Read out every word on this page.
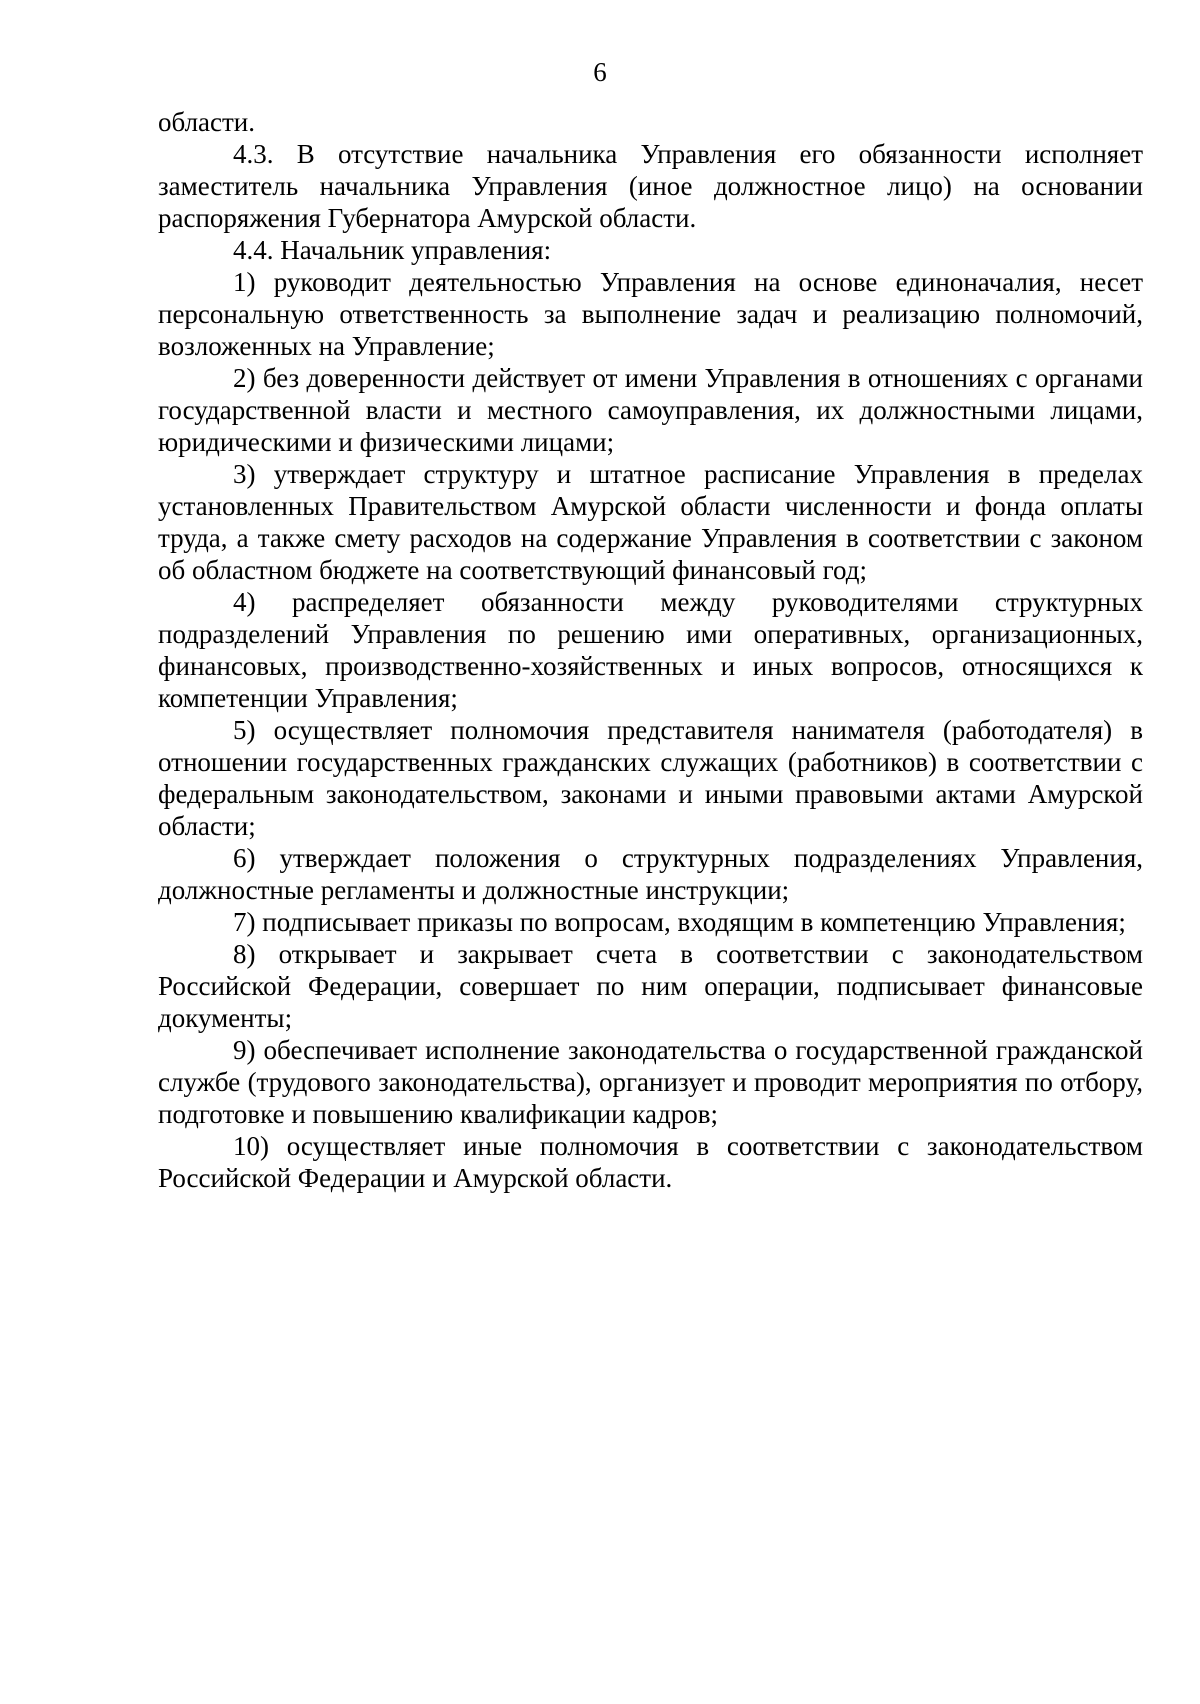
6

области.

4.3. В отсутствие начальника Управления его обязанности исполняет заместитель начальника Управления (иное должностное лицо) на основании распоряжения Губернатора Амурской области.

4.4. Начальник управления:

1) руководит деятельностью Управления на основе единоначалия, несет персональную ответственность за выполнение задач и реализацию полномочий, возложенных на Управление;

2) без доверенности действует от имени Управления в отношениях с органами государственной власти и местного самоуправления, их должностными лицами, юридическими и физическими лицами;

3) утверждает структуру и штатное расписание Управления в пределах установленных Правительством Амурской области численности и фонда оплаты труда, а также смету расходов на содержание Управления в соответствии с законом об областном бюджете на соответствующий финансовый год;

4) распределяет обязанности между руководителями структурных подразделений Управления по решению ими оперативных, организационных, финансовых, производственно-хозяйственных и иных вопросов, относящихся к компетенции Управления;

5) осуществляет полномочия представителя нанимателя (работодателя) в отношении государственных гражданских служащих (работников) в соответствии с федеральным законодательством, законами и иными правовыми актами Амурской области;

6) утверждает положения о структурных подразделениях Управления, должностные регламенты и должностные инструкции;

7) подписывает приказы по вопросам, входящим в компетенцию Управления;

8) открывает и закрывает счета в соответствии с законодательством Российской Федерации, совершает по ним операции, подписывает финансовые документы;

9) обеспечивает исполнение законодательства о государственной гражданской службе (трудового законодательства), организует и проводит мероприятия по отбору, подготовке и повышению квалификации кадров;

10) осуществляет иные полномочия в соответствии с законодательством Российской Федерации и Амурской области.
